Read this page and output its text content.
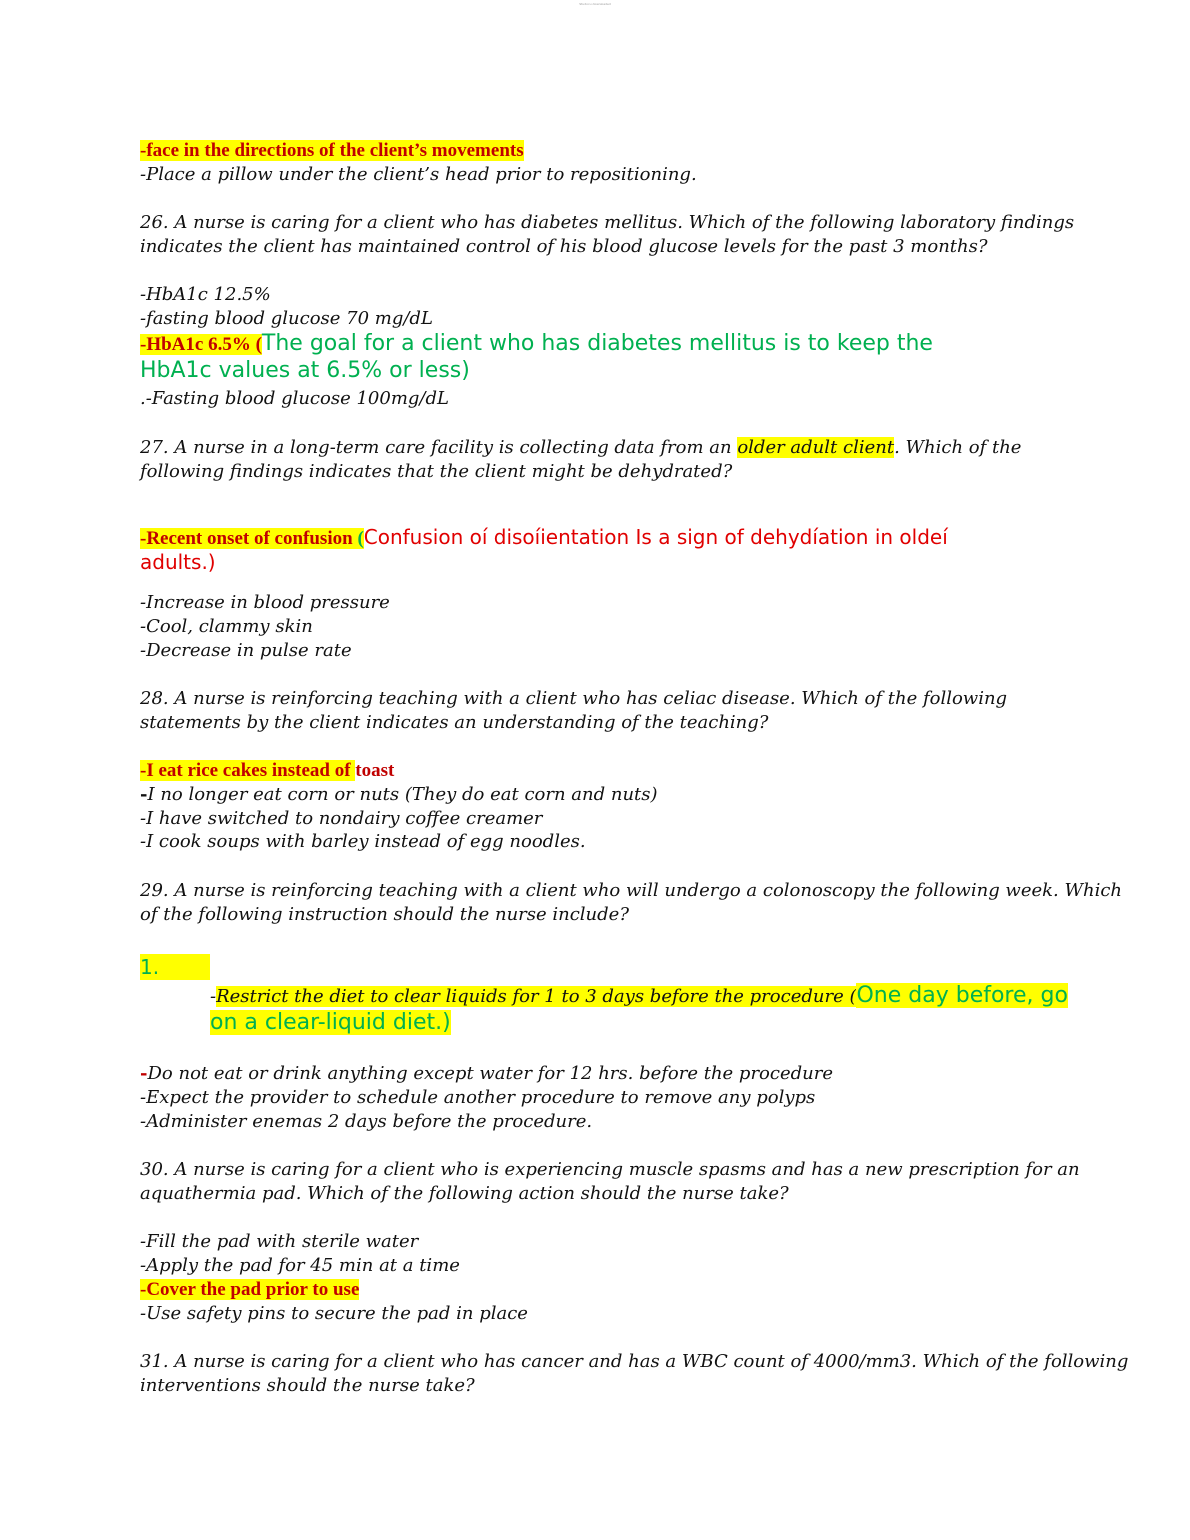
Studocu downloaded
-face in the directions of the client’s movements
-Place a pillow under the client’s head prior to repositioning.
26. A nurse is caring for a client who has diabetes mellitus. Which of the following laboratory findings
indicates the client has maintained control of his blood glucose levels for the past 3 months?
-HbA1c 12.5%
-fasting blood glucose 70 mg/dL
-HbA1c 6.5% (The goal for a client who has diabetes mellitus is to keep the
HbA1c values at 6.5% or less)
.-Fasting blood glucose 100mg/dL
27. A nurse in a long-term care facility is collecting data from an older adult client. Which of the
following findings indicates that the client might be dehydrated?
-Recent onset of confusion (Confusion oí disoíientation Is a sign of dehydíation in oldeí
adults.)
-Increase in blood pressure
-Cool, clammy skin
-Decrease in pulse rate
28. A nurse is reinforcing teaching with a client who has celiac disease. Which of the following
statements by the client indicates an understanding of the teaching?
-I eat rice cakes instead of toast
-I no longer eat corn or nuts (They do eat corn and nuts)
-I have switched to nondairy coffee creamer
-I cook soups with barley instead of egg noodles.
29. A nurse is reinforcing teaching with a client who will undergo a colonoscopy the following week. Which
of the following instruction should the nurse include?
1.
-Restrict the diet to clear liquids for 1 to 3 days before the procedure (One day before, go
on a clear-liquid diet.)
-Do not eat or drink anything except water for 12 hrs. before the procedure
-Expect the provider to schedule another procedure to remove any polyps
-Administer enemas 2 days before the procedure.
30. A nurse is caring for a client who is experiencing muscle spasms and has a new prescription for an
aquathermia pad. Which of the following action should the nurse take?
-Fill the pad with sterile water
-Apply the pad for 45 min at a time
-Cover the pad prior to use
-Use safety pins to secure the pad in place
31. A nurse is caring for a client who has cancer and has a WBC count of 4000/mm3. Which of the following
interventions should the nurse take?
